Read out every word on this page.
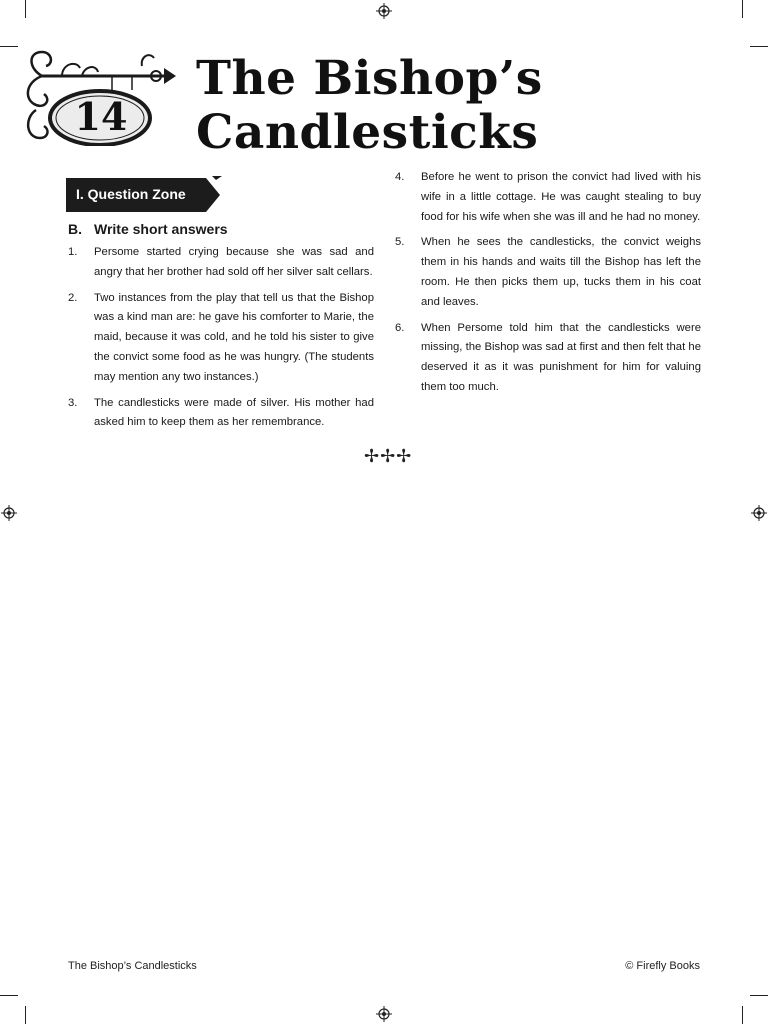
14
The Bishop’s
Candlesticks
I. Question Zone
B. Write short answers
1. Persome started crying because she was sad and angry that her brother had sold off her silver salt cellars.
2. Two instances from the play that tell us that the Bishop was a kind man are: he gave his comforter to Marie, the maid, because it was cold, and he told his sister to give the convict some food as he was hungry. (The students may mention any two instances.)
3. The candlesticks were made of silver. His mother had asked him to keep them as her remembrance.
4. Before he went to prison the convict had lived with his wife in a little cottage. He was caught stealing to buy food for his wife when she was ill and he had no money.
5. When he sees the candlesticks, the convict weighs them in his hands and waits till the Bishop has left the room. He then picks them up, tucks them in his coat and leaves.
6. When Persome told him that the candlesticks were missing, the Bishop was sad at first and then felt that he deserved it as it was punishment for him for valuing them too much.
✢✢✢
The Bishop’s Candlesticks	© Firefly Books
